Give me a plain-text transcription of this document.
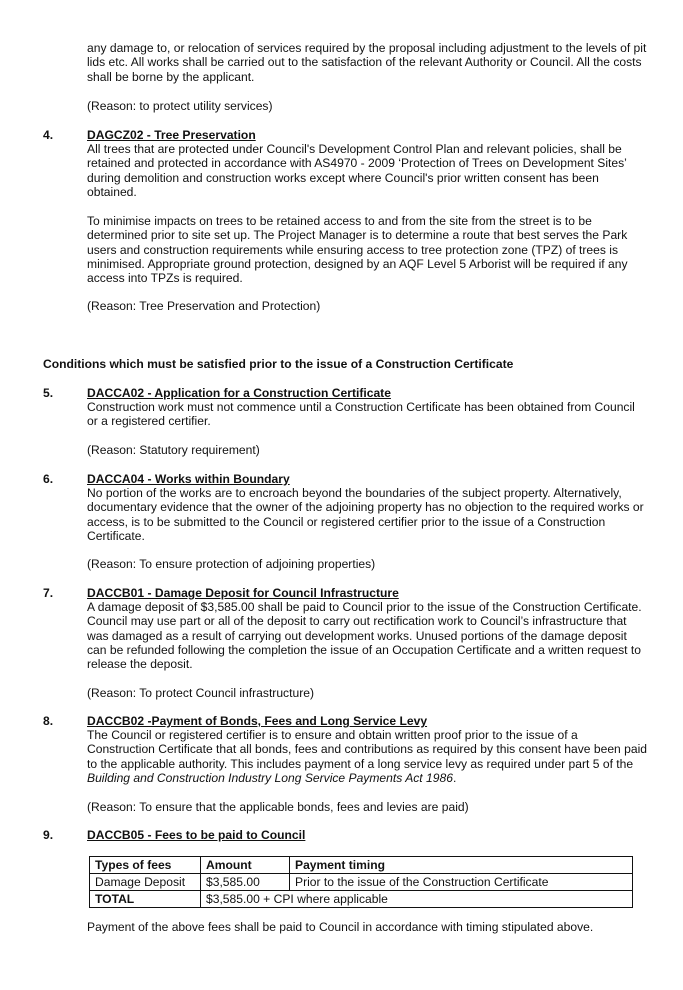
any damage to, or relocation of services required by the proposal including adjustment to the levels of pit lids etc. All works shall be carried out to the satisfaction of the relevant Authority or Council. All the costs shall be borne by the applicant.

(Reason: to protect utility services)

4.	DAGCZ02 - Tree Preservation

All trees that are protected under Council's Development Control Plan and relevant policies, shall be retained and protected in accordance with AS4970 - 2009 ‘Protection of Trees on Development Sites’ during demolition and construction works except where Council's prior written consent has been obtained.

To minimise impacts on trees to be retained access to and from the site from the street is to be determined prior to site set up. The Project Manager is to determine a route that best serves the Park users and construction requirements while ensuring access to tree protection zone (TPZ) of trees is minimised. Appropriate ground protection, designed by an AQF Level 5 Arborist will be required if any access into TPZs is required.

(Reason: Tree Preservation and Protection)

Conditions which must be satisfied prior to the issue of a Construction Certificate
5.	DACCA02 - Application for a Construction Certificate

Construction work must not commence until a Construction Certificate has been obtained from Council or a registered certifier.

(Reason: Statutory requirement)

6.	DACCA04 - Works within Boundary

No portion of the works are to encroach beyond the boundaries of the subject property. Alternatively, documentary evidence that the owner of the adjoining property has no objection to the required works or access, is to be submitted to the Council or registered certifier prior to the issue of a Construction Certificate.

(Reason: To ensure protection of adjoining properties)

7.	DACCB01 - Damage Deposit for Council Infrastructure

A damage deposit of $3,585.00 shall be paid to Council prior to the issue of the Construction Certificate. Council may use part or all of the deposit to carry out rectification work to Council’s infrastructure that was damaged as a result of carrying out development works. Unused portions of the damage deposit can be refunded following the completion the issue of an Occupation Certificate and a written request to release the deposit.

(Reason: To protect Council infrastructure)

8.	DACCB02 -Payment of Bonds, Fees and Long Service Levy

The Council or registered certifier is to ensure and obtain written proof prior to the issue of a Construction Certificate that all bonds, fees and contributions as required by this consent have been paid to the applicable authority. This includes payment of a long service levy as required under part 5 of the Building and Construction Industry Long Service Payments Act 1986.

(Reason: To ensure that the applicable bonds, fees and levies are paid)

9.	DACCB05 - Fees to be paid to Council
Types of fees	Amount	Payment timing
Damage Deposit	$3,585.00	Prior to the issue of the Construction Certificate
TOTAL	$3,585.00 + CPI where applicable	

Payment of the above fees shall be paid to Council in accordance with timing stipulated above.
